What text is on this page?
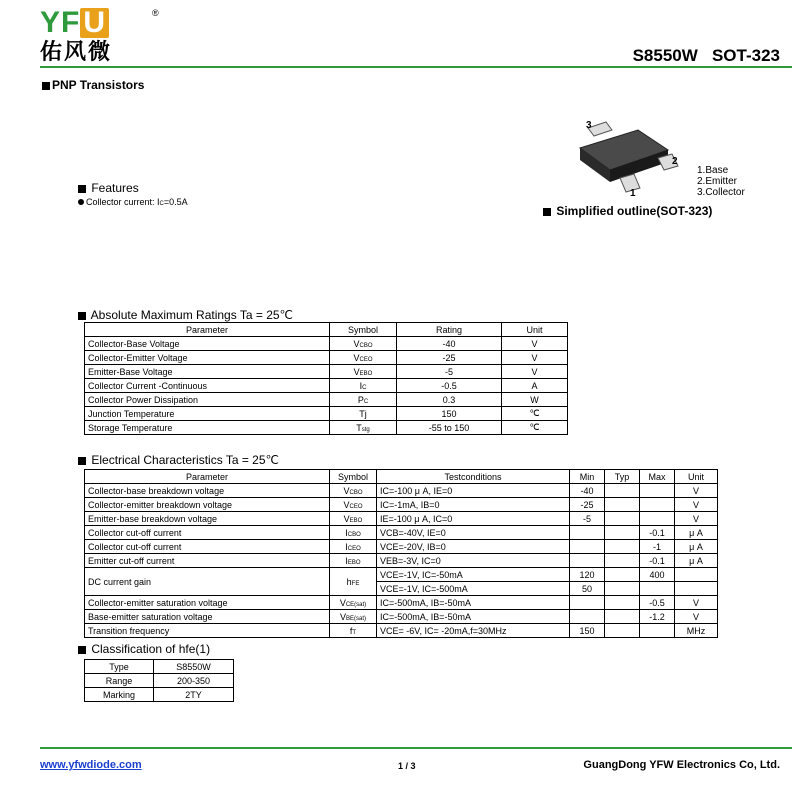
YF U	®
佑风微	S8550W   SOT-323
PNP Transistors
Features
Collector current: IC=0.5A
3
2
1
1.Base
2.Emitter
3.Collector
Simplified outline(SOT-323)
Absolute Maximum Ratings Ta = 25℃
Parameter	Symbol	Rating	Unit
Collector-Base Voltage	VCBO	-40	V
Collector-Emitter Voltage	VCEO	-25	V
Emitter-Base Voltage	VEBO	-5	V
Collector Current -Continuous	IC	-0.5	A
Collector Power Dissipation	PC	0.3	W
Junction Temperature	Tj	150	℃
Storage Temperature	Tstg	-55 to 150	℃
Electrical Characteristics Ta = 25℃
Parameter	Symbol	Testconditions	Min	Typ	Max	Unit
Collector-base breakdown voltage	VCBO	IC=-100 μ A, IE=0	-40			V
Collector-emitter breakdown voltage	VCEO	IC=-1mA, IB=0	-25			V
Emitter-base breakdown voltage	VEBO	IE=-100 μ A, IC=0	-5			V
Collector cut-off current	ICBO	VCB=-40V, IE=0			-0.1	μ A
Collector cut-off current	ICEO	VCE=-20V, IB=0			-1	μ A
Emitter cut-off current	IEBO	VEB=-3V, IC=0			-0.1	μ A
DC current gain	hFE	VCE=-1V, IC=-50mA	120		400	
		VCE=-1V, IC=-500mA	50			
Collector-emitter saturation voltage	VCE(sat)	IC=-500mA, IB=-50mA			-0.5	V
Base-emitter saturation voltage	VBE(sat)	IC=-500mA, IB=-50mA			-1.2	V
Transition frequency	fT	VCE= -6V, IC= -20mA,f=30MHz	150			MHz
Classification of hfe(1)
Type	S8550W
Range	200-350
Marking	2TY
www.yfwdiode.com	1 / 3	GuangDong YFW Electronics Co, Ltd.
